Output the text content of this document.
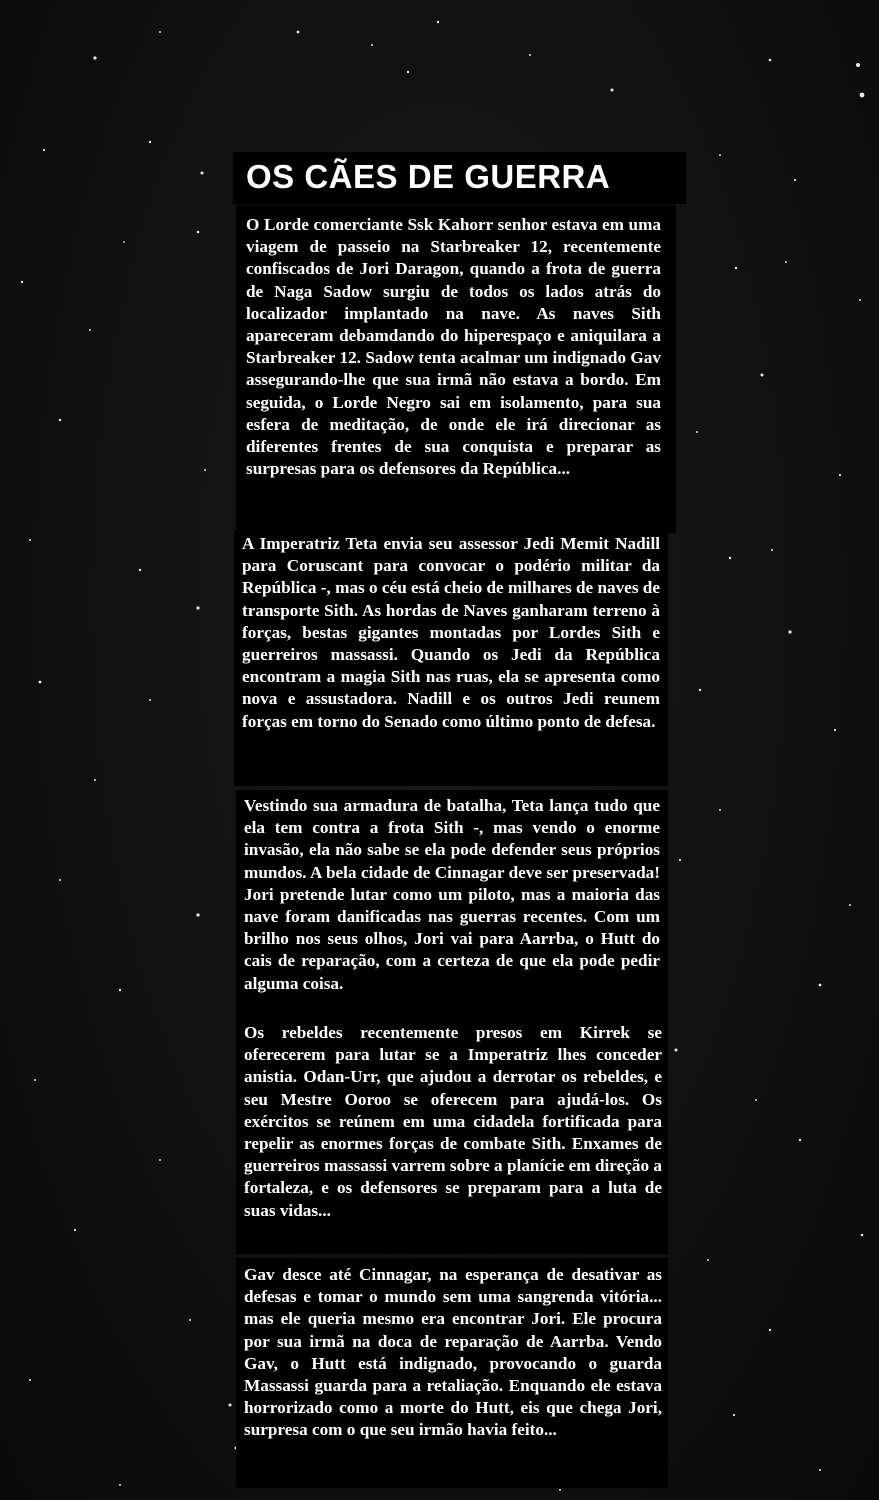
OS CÃES DE GUERRA

O Lorde comerciante Ssk Kahorr senhor estava em uma viagem de passeio na Starbreaker 12, recentemente confiscados de Jori Daragon, quando a frota de guerra de Naga Sadow surgiu de todos os lados atrás do localizador implantado na nave. As naves Sith apareceram debamdando do hiperespaço e aniquilara a Starbreaker 12. Sadow tenta acalmar um indignado Gav assegurando-lhe que sua irmã não estava a bordo. Em seguida, o Lorde Negro sai em isolamento, para sua esfera de meditação, de onde ele irá direcionar as diferentes frentes de sua conquista e preparar as surpresas para os defensores da República...

A Imperatriz Teta envia seu assessor Jedi Memit Nadill para Coruscant para convocar o podério militar da República -, mas o céu está cheio de milhares de naves de transporte Sith. As hordas de Naves ganharam terreno à forças, bestas gigantes montadas por Lordes Sith e guerreiros massassi. Quando os Jedi da República encontram a magia Sith nas ruas, ela se apresenta como nova e assustadora. Nadill e os outros Jedi reunem forças em torno do Senado como último ponto de defesa.

Vestindo sua armadura de batalha, Teta lança tudo que ela tem contra a frota Sith -, mas vendo o enorme invasão, ela não sabe se ela pode defender seus próprios mundos. A bela cidade de Cinnagar deve ser preservada! Jori pretende lutar como um piloto, mas a maioria das nave foram danificadas nas guerras recentes. Com um brilho nos seus olhos, Jori vai para Aarrba, o Hutt do cais de reparação, com a certeza de que ela pode pedir alguma coisa.

Os rebeldes recentemente presos em Kirrek se oferecerem para lutar se a Imperatriz lhes conceder anistia. Odan-Urr, que ajudou a derrotar os rebeldes, e seu Mestre Ooroo se oferecem para ajudá-los. Os exércitos se reúnem em uma cidadela fortificada para repelir as enormes forças de combate Sith. Enxames de guerreiros massassi varrem sobre a planície em direção a fortaleza, e os defensores se preparam para a luta de suas vidas...

Gav desce até Cinnagar, na esperança de desativar as defesas e tomar o mundo sem uma sangrenda vitória... mas ele queria mesmo era encontrar Jori. Ele procura por sua irmã na doca de reparação de Aarrba. Vendo Gav, o Hutt está indignado, provocando o guarda Massassi guarda para a retaliação. Enquando ele estava horrorizado como a morte do Hutt, eis que chega Jori, surpresa com o que seu irmão havia feito...
